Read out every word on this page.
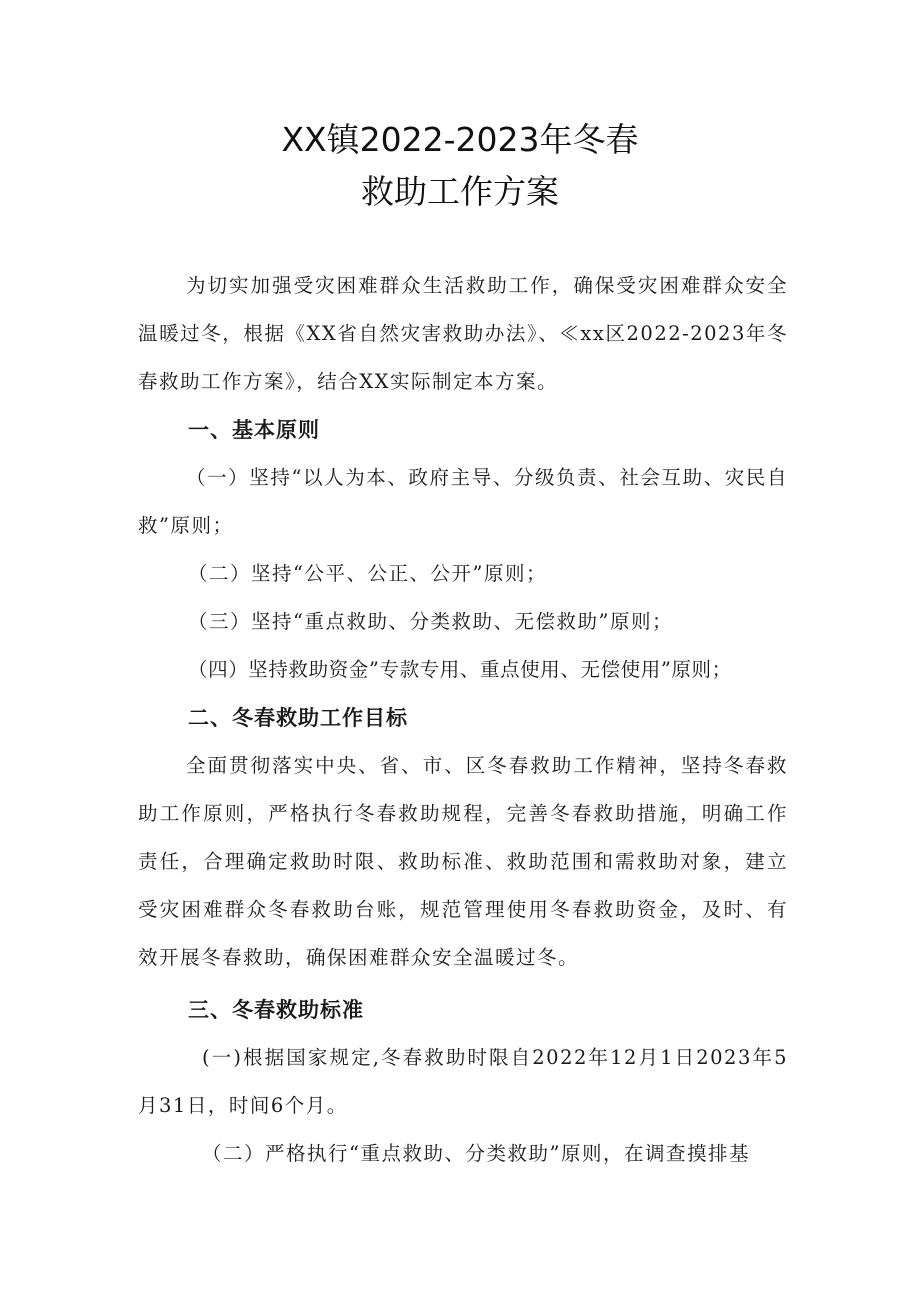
XX镇2022-2023年冬春
救助工作方案

为切实加强受灾困难群众生活救助工作，确保受灾困难群众安全温暖过冬，根据《XX省自然灾害救助办法》、≪xx区2022-2023年冬春救助工作方案》，结合XX实际制定本方案。

一、基本原则

（一）坚持“以人为本、政府主导、分级负责、社会互助、灾民自救”原则；

（二）坚持“公平、公正、公开”原则；

（三）坚持“重点救助、分类救助、无偿救助”原则；

（四）坚持救助资金”专款专用、重点使用、无偿使用”原则；

二、冬春救助工作目标

全面贯彻落实中央、省、市、区冬春救助工作精神，坚持冬春救助工作原则，严格执行冬春救助规程，完善冬春救助措施，明确工作责任，合理确定救助时限、救助标准、救助范围和需救助对象，建立受灾困难群众冬春救助台账，规范管理使用冬春救助资金，及时、有效开展冬春救助，确保困难群众安全温暖过冬。

三、冬春救助标准

(一)根据国家规定,冬春救助时限自2022年12月1日2023年5月31日，时间6个月。

（二）严格执行“重点救助、分类救助”原则，在调查摸排基
